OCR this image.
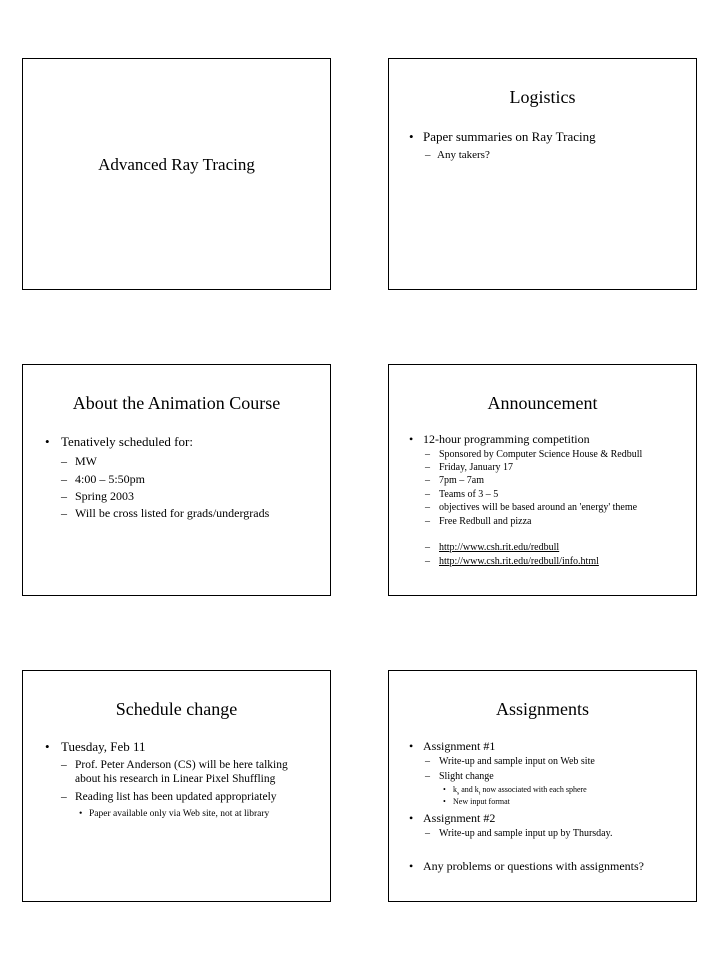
Advanced Ray Tracing
Logistics
• Paper summaries on Ray Tracing
– Any takers?
About the Animation Course
• Tenatively scheduled for:
– MW
– 4:00 – 5:50pm
– Spring 2003
– Will be cross listed for grads/undergrads
Announcement
• 12-hour programming competition
– Sponsored by Computer Science House & Redbull
– Friday, January 17
– 7pm – 7am
– Teams of 3 – 5
– objectives will be based around an 'energy' theme
– Free Redbull and pizza
– http://www.csh.rit.edu/redbull
– http://www.csh.rit.edu/redbull/info.html
Schedule change
• Tuesday, Feb 11
– Prof. Peter Anderson (CS) will be here talking
about his research in Linear Pixel Shuffling
– Reading list has been updated appropriately
• Paper available only via Web site, not at library
Assignments
• Assignment #1
– Write-up and sample input on Web site
– Slight change
• $k_s$ and $k_t$ now associated with each sphere
• New input format
• Assignment #2
– Write-up and sample input up by Thursday.
• Any problems or questions with assignments?
